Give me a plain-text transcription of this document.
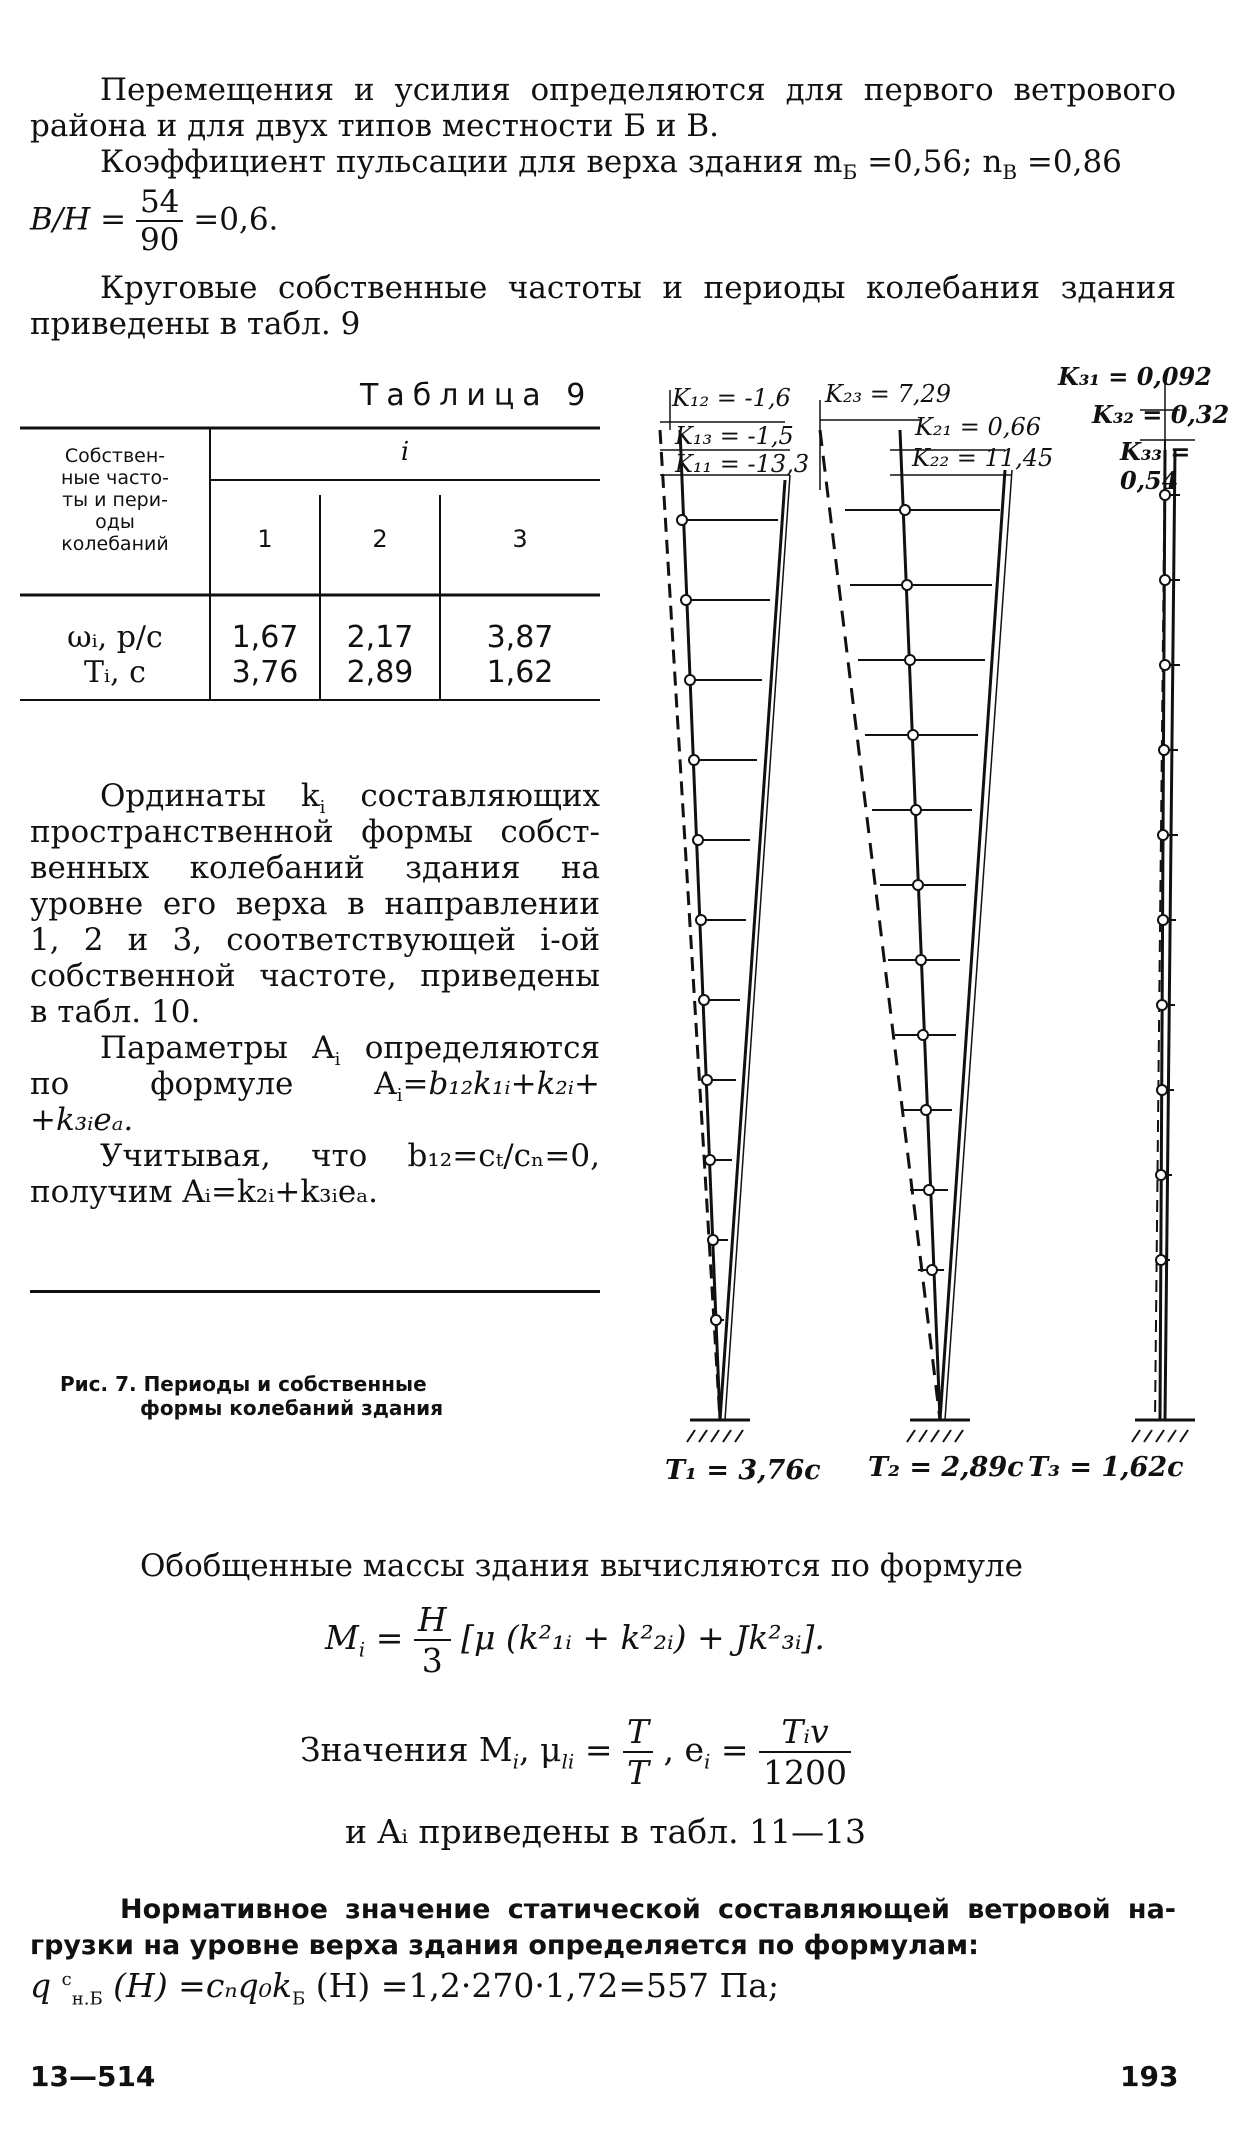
Перемещения и усилия определяются для первого ветрового
района и для двух типов местности Б и В.
Коэффициент пульсации для верха здания $m_Б =0,56$; $n_В =0,86$
$B/H = \frac{54}{90} =0,6$.
Круговые собственные частоты и периоды колебания здания
приведены в табл. 9
Таблица 9
Собствен-
ные часто-
ты и пери-
оды
колебаний
i
1	2	3
ωᵢ, р/с	1,67	2,17	3,87
Tᵢ, с	3,76	2,89	1,62
Ординаты $k_i$ составляющих
пространственной формы собст-
венных колебаний здания на
уровне его верха в направлении
1, 2 и 3, соответствующей i-ой
собственной частоте, приведены
в табл. 10.
Параметры $A_i$ определяются
по формуле $A_i=b_{12}k_1ᵢ+k_2ᵢ+$
+k₃ᵢeₐ.
Учитывая, что b₁₂=cₜ/cₙ=0,
получим Aᵢ=k₂ᵢ+k₃ᵢeₐ.
Рис. 7. Периоды и собственные
формы колебаний здания
K₁₂ = -1,6
K₁₃ = -1,5
K₁₁ = -13,3
K₂₃ = 7,29
K₂₁ = 0,66
K₂₂ = 11,45
K₃₁ = 0,092
K₃₂ = 0,32
K₃₃ = 0,54
T₁ = 3,76c T₂ = 2,89c T₃ = 1,62c
Обобщенные массы здания вычисляются по формуле
$M_i = \frac{H}{3} [\mu$ (k²₁ᵢ + k²₂ᵢ) + Jk²₃ᵢ].
Значения $M_i$, $\mu_{li} = \frac{T}{T}$ , $e_i = \frac{\text{Tᵢv}}{1200}$
и Aᵢ приведены в табл. 11—13
Нормативное значение статической составляющей ветровой на-
грузки на уровне верха здания определяется по формулам:
q $^c_{н.Б}$ $(H) =c_nq_0k_Б$ (H) =1,2·270·1,72=557 Па;
13—514	193
